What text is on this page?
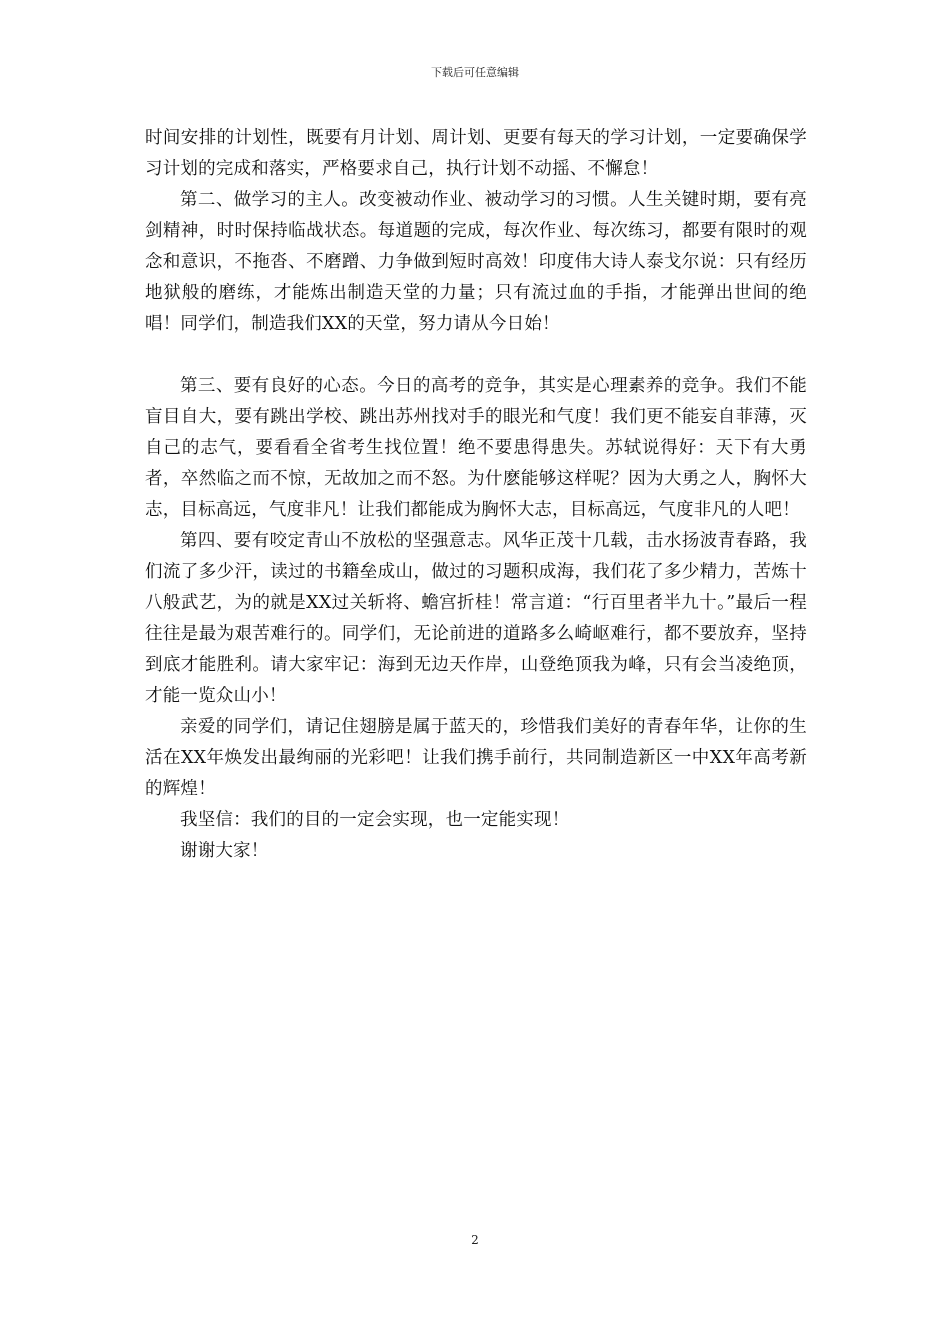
下载后可任意编辑

时间安排的计划性，既要有月计划、周计划、更要有每天的学习计划，一定要确保学习计划的完成和落实，严格要求自己，执行计划不动摇、不懈怠！

第二、做学习的主人。改变被动作业、被动学习的习惯。人生关键时期，要有亮剑精神，时时保持临战状态。每道题的完成，每次作业、每次练习，都要有限时的观念和意识，不拖沓、不磨蹭、力争做到短时高效！印度伟大诗人泰戈尔说：只有经历地狱般的磨练，才能炼出制造天堂的力量；只有流过血的手指，才能弹出世间的绝唱！同学们，制造我们XX的天堂，努力请从今日始！

第三、要有良好的心态。今日的高考的竞争，其实是心理素养的竞争。我们不能盲目自大，要有跳出学校、跳出苏州找对手的眼光和气度！我们更不能妄自菲薄，灭自己的志气，要看看全省考生找位置！绝不要患得患失。苏轼说得好：天下有大勇者，卒然临之而不惊，无故加之而不怒。为什麽能够这样呢？因为大勇之人，胸怀大志，目标高远，气度非凡！让我们都能成为胸怀大志，目标高远，气度非凡的人吧！

第四、要有咬定青山不放松的坚强意志。风华正茂十几载，击水扬波青春路，我们流了多少汗，读过的书籍垒成山，做过的习题积成海，我们花了多少精力，苦炼十八般武艺，为的就是XX过关斩将、蟾宫折桂！常言道：“行百里者半九十。”最后一程往往是最为艰苦难行的。同学们，无论前进的道路多么崎岖难行，都不要放弃，坚持到底才能胜利。请大家牢记：海到无边天作岸，山登绝顶我为峰，只有会当凌绝顶，才能一览众山小！

亲爱的同学们，请记住翅膀是属于蓝天的，珍惜我们美好的青春年华，让你的生活在XX年焕发出最绚丽的光彩吧！让我们携手前行，共同制造新区一中XX年高考新的辉煌！

我坚信：我们的目的一定会实现，也一定能实现！

谢谢大家！

2
